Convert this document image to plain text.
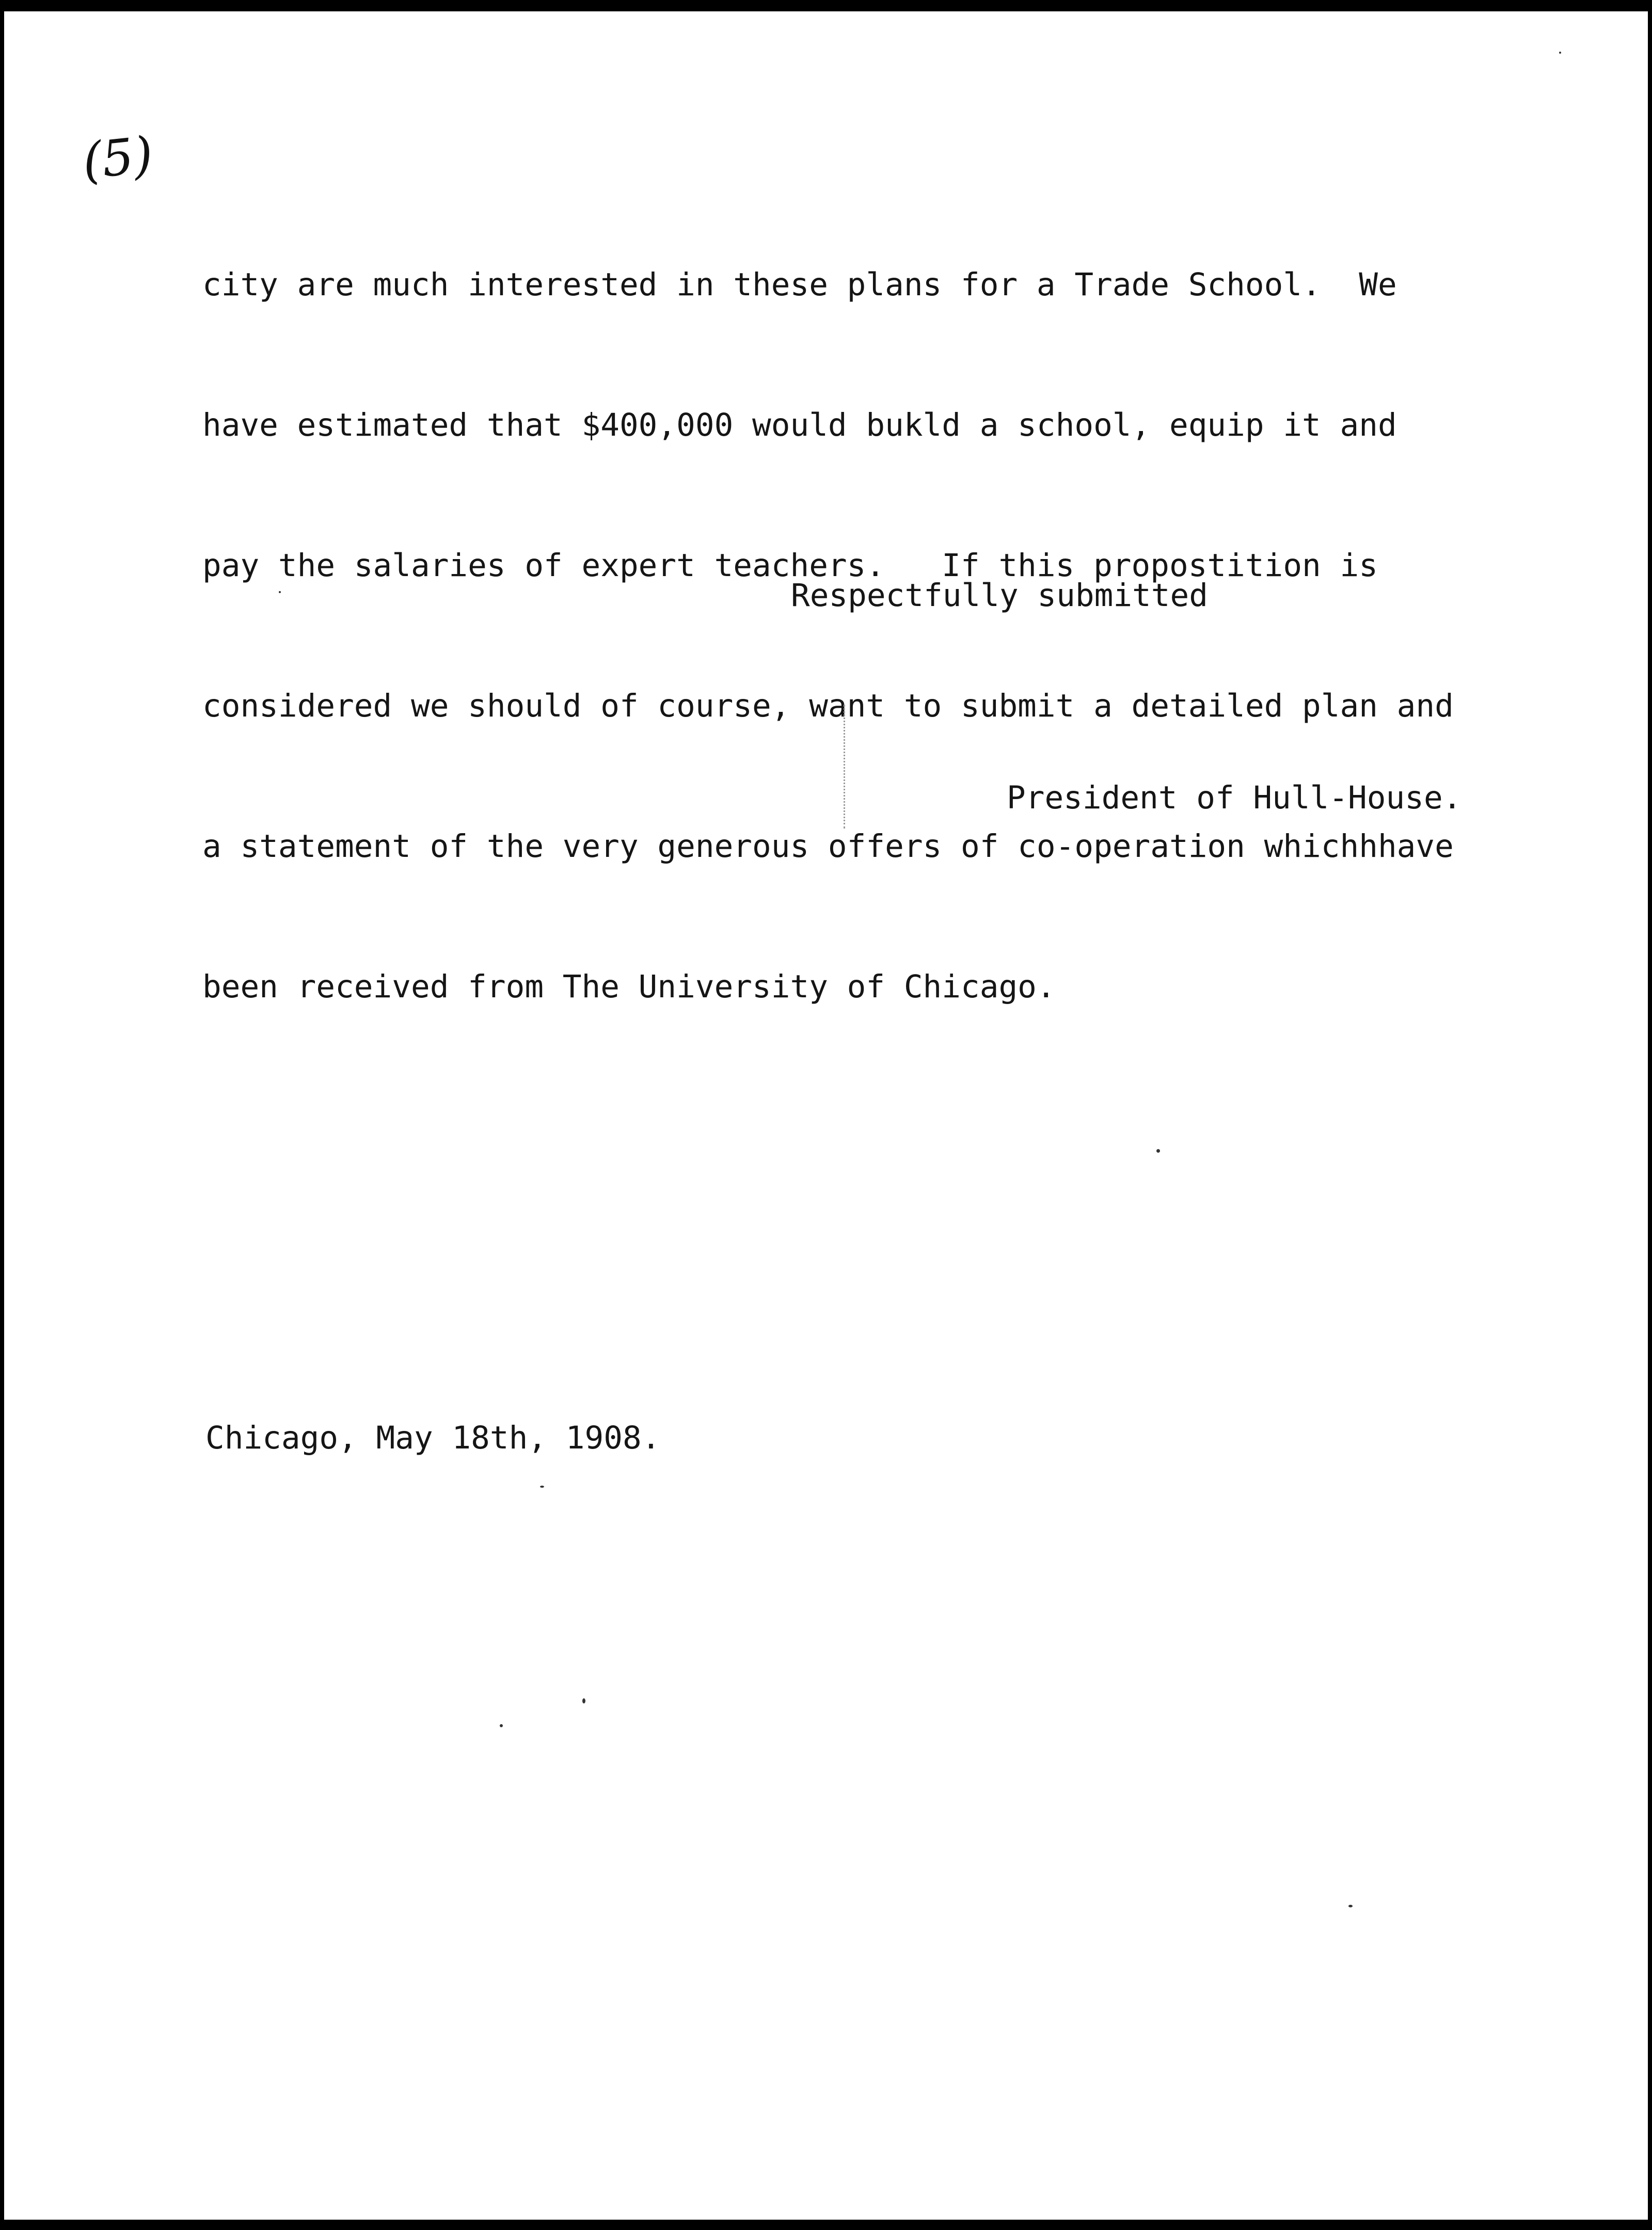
(5)

city are much interested in these plans for a Trade School.  We

have estimated that $400,000 would bukld a school, equip it and

pay the salaries of expert teachers.   If this propostition is

considered we should of course, want to submit a detailed plan and

a statement of the very generous offers of co-operation whichhhave

been received from The University of Chicago.

Respectfully submitted
President of Hull-House.
Chicago, May 18th, 1908.
